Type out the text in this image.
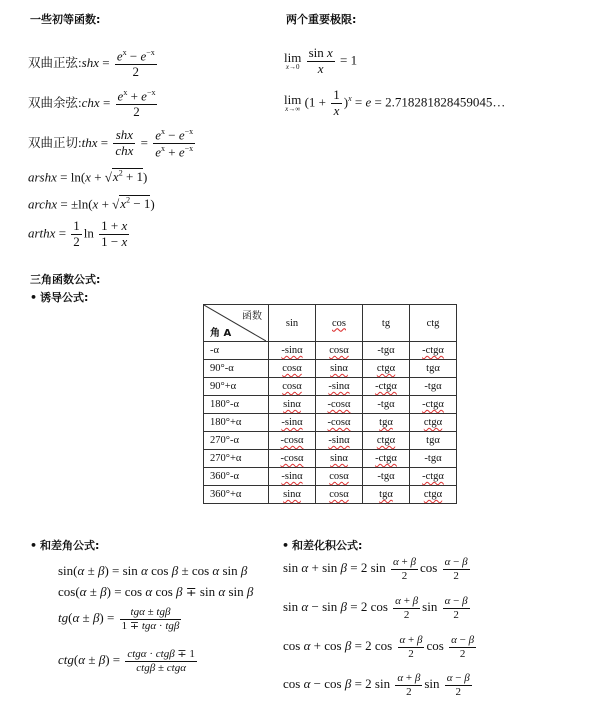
一些初等函数:	两个重要极限:
三角函数公式:
• 诱导公式:
• 和差角公式:	• 和差化积公式:
双曲正弦:shx = $\frac{e^x - e^{-x}}{2}$
双曲余弦:chx = $\frac{e^x + e^{-x}}{2}$
双曲正切:thx = $\frac{\text{shx}}{\text{chx}} = \frac{e^x - e^{-x}}{e^x + e^{-x}}$
arshx = $\ln(x + √x^2 + 1)$
archx = $\pm\ln(x + √x^2 - 1)$
arthx = $\frac{1}{2}$ $\ln \frac{1 + x}{1 - x}$
lim
x→0
$\frac{\text{sin x}}{x} = 1$
lim
x→∞
$(1 + \frac{1}{x} )^x = e$ = 2.718281828459045…
函数
角 A	sin	cos	tg	ctg
-α	-sinα	cosα	-tgα	-ctgα
90°-α	cosα	sinα	ctgα	tgα
90°+α	cosα	-sinα	-ctgα	-tgα
180°-α	sinα	-cosα	-tgα	-ctgα
180°+α	-sinα	-cosα	tgα	ctgα
270°-α	-cosα	-sinα	ctgα	tgα
270°+α	-cosα	sinα	-ctgα	-tgα
360°-α	-sinα	cosα	-tgα	-ctgα
360°+α	sinα	cosα	tgα	ctgα
sin(α ± β) = sin α cos β ± cos α sin β
cos(α ± β) = cos α cos β ∓ sin α sin β
$tg(\alpha \pm \beta) = \frac{\text{tgα ± tgβ}}{\text{1 ∓ tgα · tgβ}}$
$ctg(\alpha \pm \beta) = \frac{\text{ctgα · ctgβ ∓ 1}}{\text{ctgβ ± ctgα}}$
sin α + sin β = 2 $\sin \frac{\alpha + \beta}{2}$ $\cos \frac{\alpha - \beta}{2}$
sin α − sin β = 2 $\cos \frac{\alpha + \beta}{2}$ $\sin \frac{\alpha - \beta}{2}$
cos α + cos β = 2 $\cos \frac{\alpha + \beta}{2}$ $\cos \frac{\alpha - \beta}{2}$
cos α − cos β = 2 $\sin \frac{\alpha + \beta}{2}$ $\sin \frac{\alpha - \beta}{2}$
